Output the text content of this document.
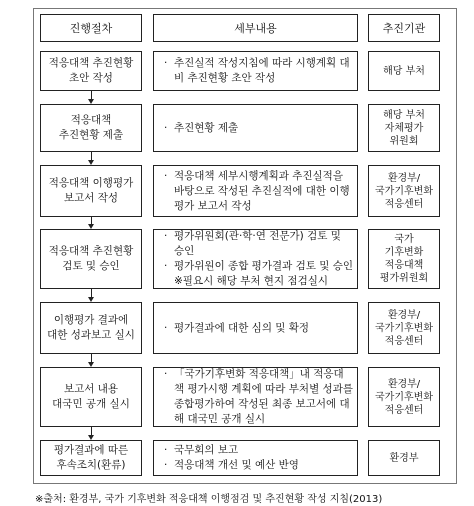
진행절차	세부내용	추진기관
적응대책 추진현황
초안 작성
· 추진실적 작성지침에 따라 시행계획 대비 추진현황 초안 작성
해당 부처
적응대책
추진현황 제출
· 추진현황 제출
해당 부처
자체평가
위원회
적응대책 이행평가
보고서 작성
· 적응대책 세부시행계획과 추진실적을 바탕으로 작성된 추진실적에 대한 이행평가 보고서 작성
환경부/
국가기후변화
적응센터
적응대책 추진현황
검토 및 승인
· 평가위원회(관·학·연 전문가) 검토 및 승인
· 평가위원이 종합 평가결과 검토 및 승인
※필요시 해당 부처 현지 점검실시
국가
기후변화
적응대책
평가위원회
이행평가 결과에
대한 성과보고 실시
· 평가결과에 대한 심의 및 확정
환경부/
국가기후변화
적응센터
보고서 내용
대국민 공개 실시
· 「국가기후변화 적응대책」내 적응대책 평가시행 계획에 따라 부처별 성과를 종합평가하여 작성된 최종 보고서에 대해 대국민 공개 실시
환경부/
국가기후변화
적응센터
평가결과에 따른
후속조치(환류)
· 국무회의 보고
· 적응대책 개선 및 예산 반영
환경부
※출처: 환경부, 국가 기후변화 적응대책 이행점검 및 추진현황 작성 지침(2013)
